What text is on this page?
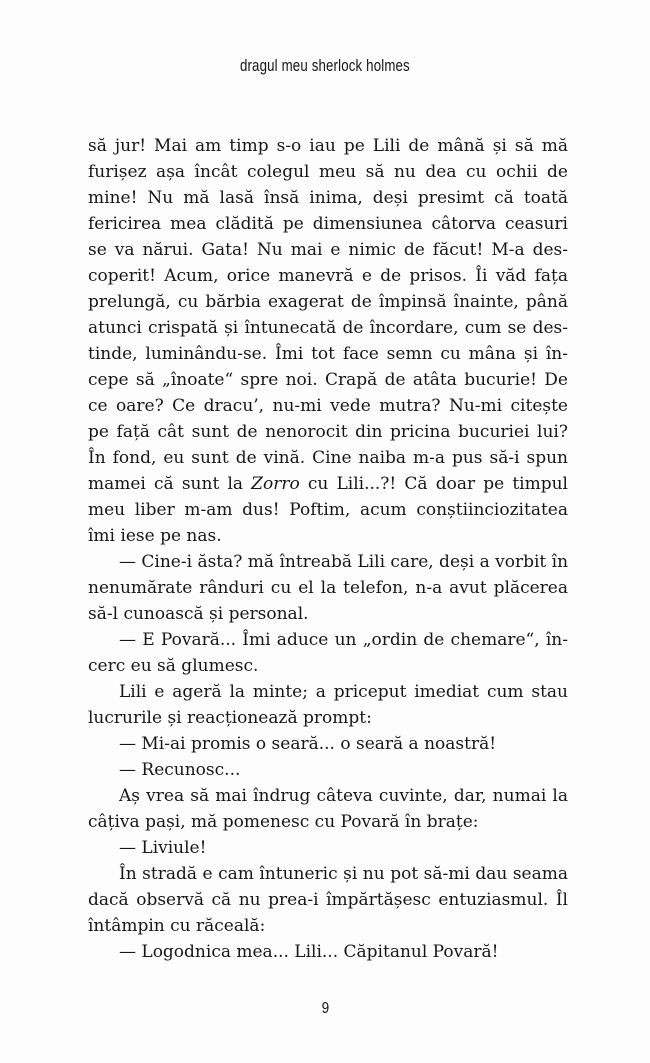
dragul meu sherlock holmes
să jur! Mai am timp s-o iau pe Lili de mână și să mă
furișez așa încât colegul meu să nu dea cu ochii de
mine! Nu mă lasă însă inima, deși presimt că toată
fericirea mea clădită pe dimensiunea câtorva ceasuri
se va nărui. Gata! Nu mai e nimic de făcut! M-a des-
coperit! Acum, orice manevră e de prisos. Îi văd fața
prelungă, cu bărbia exagerat de împinsă înainte, până
atunci crispată și întunecată de încordare, cum se des-
tinde, luminându-se. Îmi tot face semn cu mâna și în-
cepe să „înoate“ spre noi. Crapă de atâta bucurie! De
ce oare? Ce dracu’, nu-mi vede mutra? Nu-mi citește
pe față cât sunt de nenorocit din pricina bucuriei lui?
În fond, eu sunt de vină. Cine naiba m-a pus să-i spun
mamei că sunt la Zorro cu Lili...?! Că doar pe timpul
meu liber m-am dus! Poftim, acum conștiinciozitatea
îmi iese pe nas.
— Cine-i ăsta? mă întreabă Lili care, deși a vorbit în
nenumărate rânduri cu el la telefon, n-a avut plăcerea
să-l cunoască și personal.
— E Povară... Îmi aduce un „ordin de chemare“, în-
cerc eu să glumesc.
Lili e ageră la minte; a priceput imediat cum stau
lucrurile și reacționează prompt:
— Mi-ai promis o seară... o seară a noastră!
— Recunosc...
Aș vrea să mai îndrug câteva cuvinte, dar, numai la
câțiva pași, mă pomenesc cu Povară în brațe:
— Liviule!
În stradă e cam întuneric și nu pot să-mi dau seama
dacă observă că nu prea-i împărtășesc entuziasmul. Îl
întâmpin cu răceală:
— Logodnica mea... Lili... Căpitanul Povară!
9
